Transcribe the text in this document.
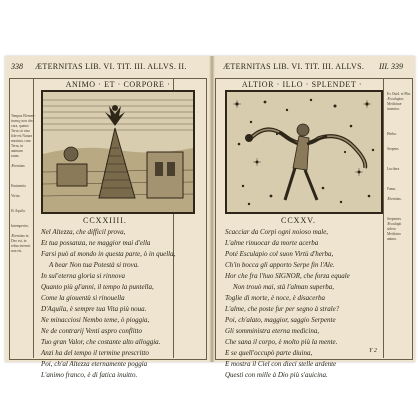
338 ÆTERNITAS LIB. VI. TIT. III. ALLVS. II.
Tempus Elemen-
trumq; non obs-
cura, quamo
Terra sit vino
fide est Natura
maxima, cum
Terra, in
animum
tuum.

Æternitas

Eminentia

Virtus

Et Aquila.

Intemperies.

Æternitas in
Deo est, in
rebus terrenis
non est.
ANIMO · ET · CORPORE ·
CCXXIIII.
Nel Altezza, che difficil prova,
Et tua possanza, ne maggior mai d'ella
Farsi può al mondo in questa parte, ò in quella,
A bear Non tua Potestà si trova.
In sul'eterna gloria si rinnova
Quanto più gl'anni, il tempo la puntella,
Come la giouentù si rinouella
D'Aquila, è sempre tua Vita più noua.
Ne minacciosi Nembo teme, ò pioggia,
Ne de contrarij Venti aspro conflitto
Tuo gran Valor, che costante alto alloggia.
Anzi ha del tempo il termine prescritto
Poi, ch'al Altezza eternamente poggia
L'animo franco, è di fatica inuitto.
ÆTERNITAS LIB. VI. TIT. III. ALLVS. III. 339
ALTIOR · ILLO · SPLENDET ·
CCXXV.
Scacciar da Corpi ogni noioso male,
L'alme rinuocar da morte acerba
Poté Esculapio col suon Virtù d'herba,
Ch'in bocca gli apporto Serpe fin l'Ale.
Hor che fra l'huo SIGNOR, che forza equale
Non trouò mai, stà l'alman superba,
Toglie di morte, è noce, è disacerba
L'alme, che poste fur per segno à strale?
Poi, ch'alato, maggior, saggio Serpente
Gli somministra eterna medicina,
Che sana il corpo, è molto più la mente.
E se quell'occupò parte diuina,
E mostra il Ciel con dieci stelle ardente
Questi con mille à Dio più s'auicina.
Ex Ouid. et Plin.
Æsculapius
Medicinæ
inuentor.

Herba.

Serpens.

Lucifera

Fama.

Æternitas.

Serpentes
Æsculapii
sidera
Medicina
anima.
Y 2
